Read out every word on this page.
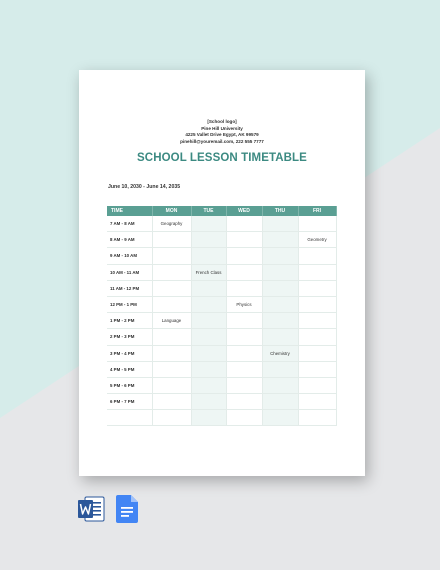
[School logo]
Pine Hill University
4225 Vallet Drive Egypt, AK 99579
pinehill@youremail.com, 222 555 7777
SCHOOL LESSON TIMETABLE
June 10, 2030 - June 14, 2035
TIME	MON	TUE	WED	THU	FRI
7 AM - 8 AM	Geography				
8 AM - 9 AM					Geometry
9 AM - 10 AM					
10 AM - 11 AM		French Class			
11 AM - 12 PM					
12 PM - 1 PM			Physics		
1 PM - 2 PM	Language				
2 PM - 3 PM					
3 PM - 4 PM				Chemistry	
4 PM - 5 PM					
5 PM - 6 PM					
6 PM - 7 PM					
